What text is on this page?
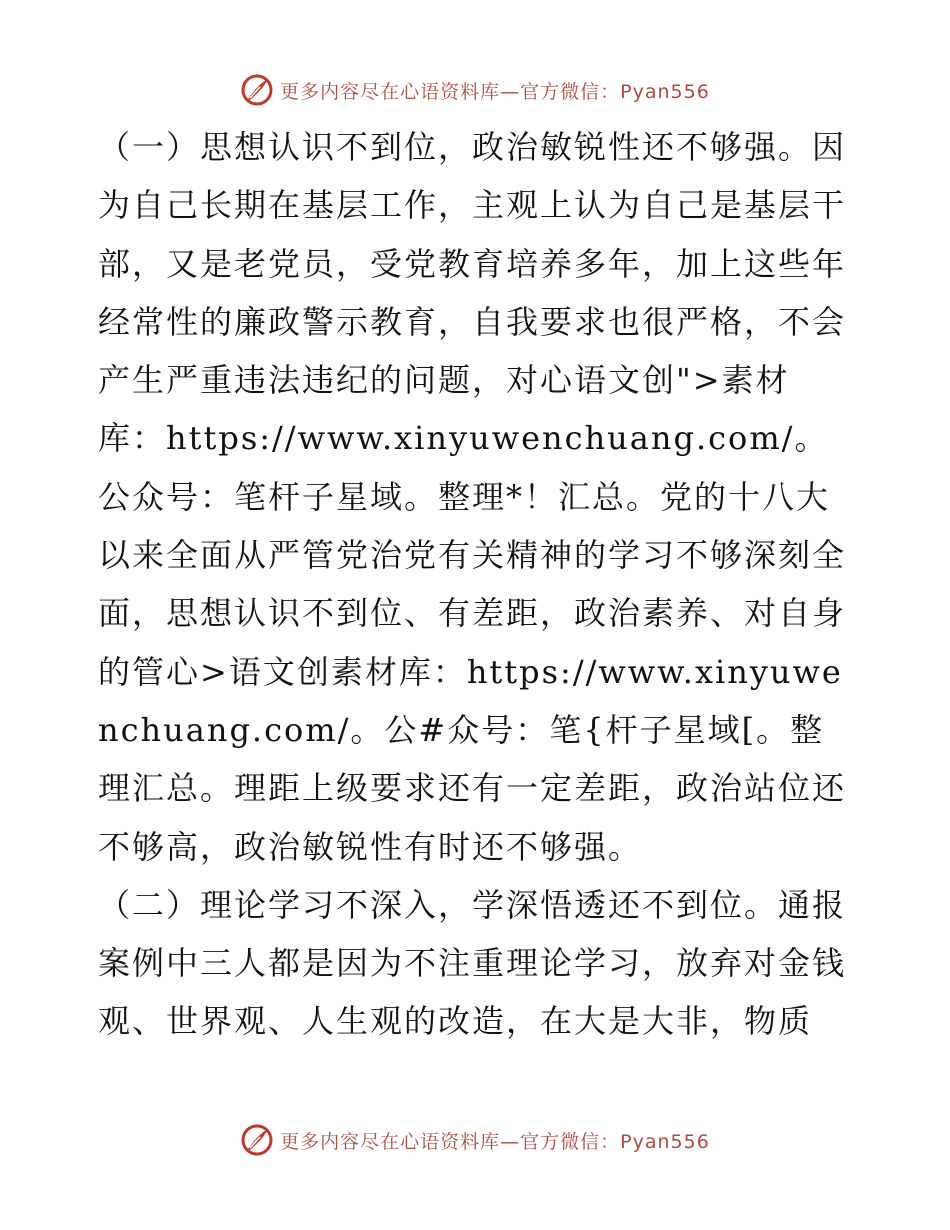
更多内容尽在心语资料库—官方微信：Pyan556

（一）思想认识不到位，政治敏锐性还不够强。因为自己长期在基层工作，主观上认为自己是基层干部，又是老党员，受党教育培养多年，加上这些年经常性的廉政警示教育，自我要求也很严格，不会产生严重违法违纪的问题，对心语文创">素材库：https://www.xinyuwenchuang.com/。公众号：笔杆子星域。整理*！汇总。党的十八大以来全面从严管党治党有关精神的学习不够深刻全面，思想认识不到位、有差距，政治素养、对自身的管心>语文创素材库：https://www.xinyuwenchuang.com/。公#众号：笔{杆子星域[。整理汇总。理距上级要求还有一定差距，政治站位还不够高，政治敏锐性有时还不够强。

（二）理论学习不深入，学深悟透还不到位。通报案例中三人都是因为不注重理论学习，放弃对金钱观、世界观、人生观的改造，在大是大非，物质

更多内容尽在心语资料库—官方微信：Pyan556
